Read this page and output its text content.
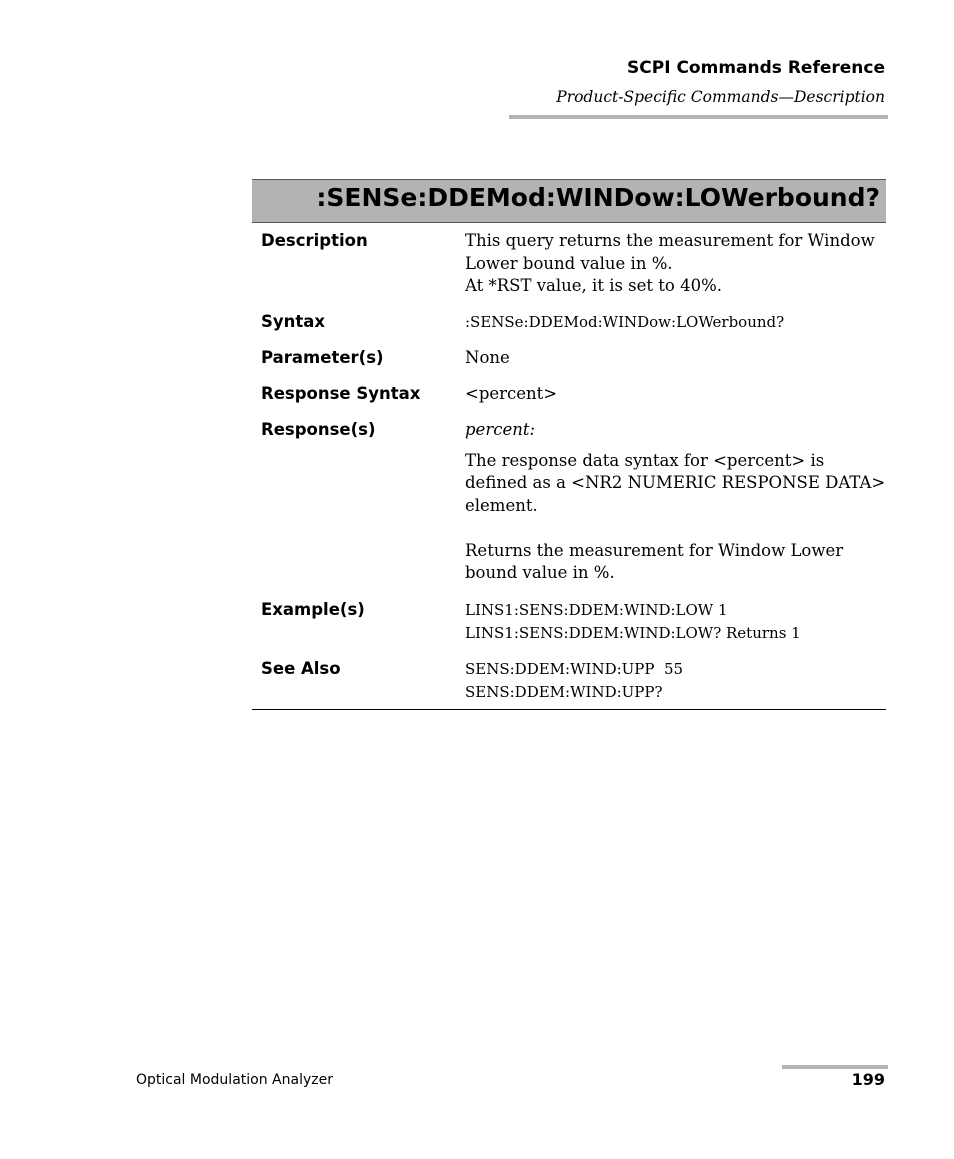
SCPI Commands Reference
Product-Specific Commands—Description
:SENSe:DDEMod:WINDow:LOWerbound?
Description	This query returns the measurement for Window
Lower bound value in %.
At *RST value, it is set to 40%.
Syntax	:SENSe:DDEMod:WINDow:LOWerbound?
Parameter(s)	None
Response Syntax	<percent>
Response(s)	percent:
The response data syntax for <percent> is
defined as a <NR2 NUMERIC RESPONSE DATA>
element.
Returns the measurement for Window Lower
bound value in %.
Example(s)	LINS1:SENS:DDEM:WIND:LOW 1
LINS1:SENS:DDEM:WIND:LOW? Returns 1
See Also	SENS:DDEM:WIND:UPP  55
SENS:DDEM:WIND:UPP?
Optical Modulation Analyzer	199
